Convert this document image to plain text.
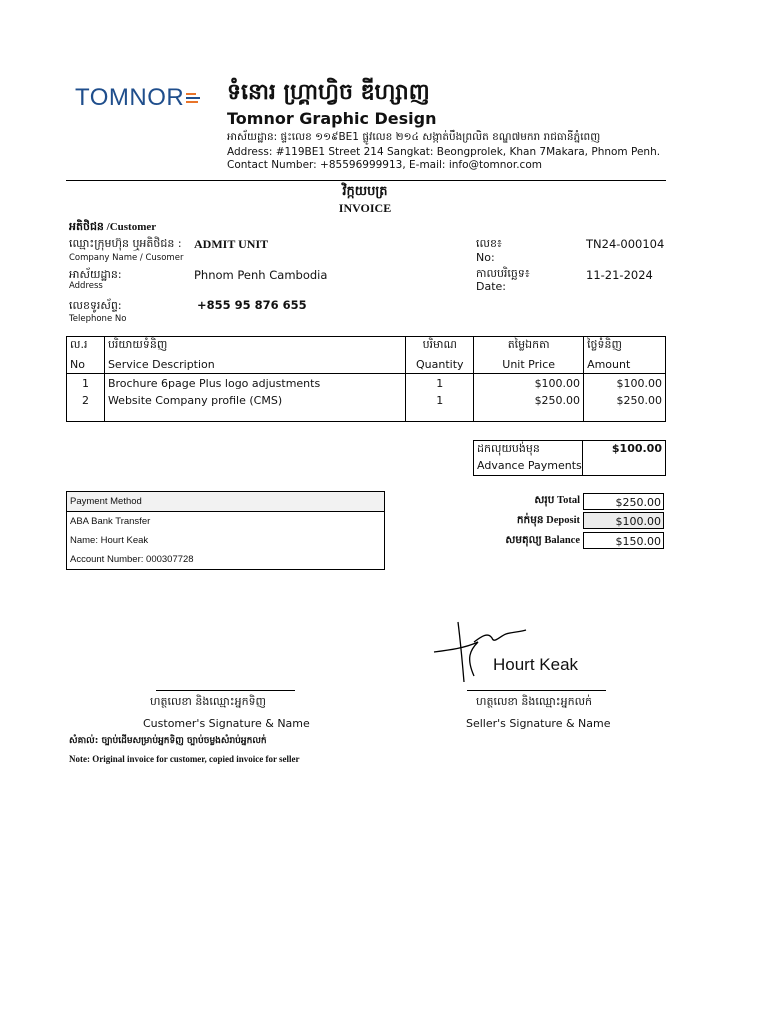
TOMNOR ទំនោរ ហ្រ្គាហ្វិច ឌីហ្សាញ
Tomnor Graphic Design
អាស័យដ្ឋាន: ផ្ទះលេខ ១១៩BE1 ផ្លូវលេខ ២១៤ សង្កាត់បឹងព្រលិត ខណ្ឌ៧មករា រាជធានីភ្នំពេញ
Address: #119BE1 Street 214 Sangkat: Beongprolek, Khan 7Makara, Phnom Penh.
Contact Number: +85596999913, E-mail: info@tomnor.com
វិក្កយបត្រ
INVOICE
អតិថិជន /Customer
ឈ្មោះក្រុមហ៊ុន ឬអតិថិជន :
Company Name / Cusomer
ADMIT UNIT
អាស័យដ្ឋាន:
Address
Phnom Penh Cambodia
លេខទូរស័ព្ទ:
Telephone No
+855 95 876 655
លេខ៖
No:
TN24-000104
កាលបរិច្ឆេទ៖
Date:
11-21-2024
ល.រ	បរិយាយទំនិញ	បរិមាណ	តម្លៃឯកតា	ថ្លៃទំនិញ
No	Service Description	Quantity	Unit Price	Amount
1	Brochure 6page Plus logo adjustments	1	$100.00	$100.00
2	Website Company profile (CMS)	1	$250.00	$250.00
ដកលុយបង់មុន
Advance Payments
$100.00
Payment Method
ABA Bank Transfer
Name: Hourt Keak
Account Number: 000307728
សរុប Total	$250.00
កក់មុន Deposit	$100.00
សមតុល្យ Balance	$150.00
Hourt Keak
ហត្ថលេខា និងឈ្មោះអ្នកទិញ
Customer's Signature & Name
ហត្ថលេខា និងឈ្មោះអ្នកលក់
Seller's Signature & Name
សំគាល់: ច្បាប់ដើមសម្រាប់អ្នកទិញ ច្បាប់ចម្លងសំរាប់អ្នកលក់
Note: Original invoice for customer, copied invoice for seller
